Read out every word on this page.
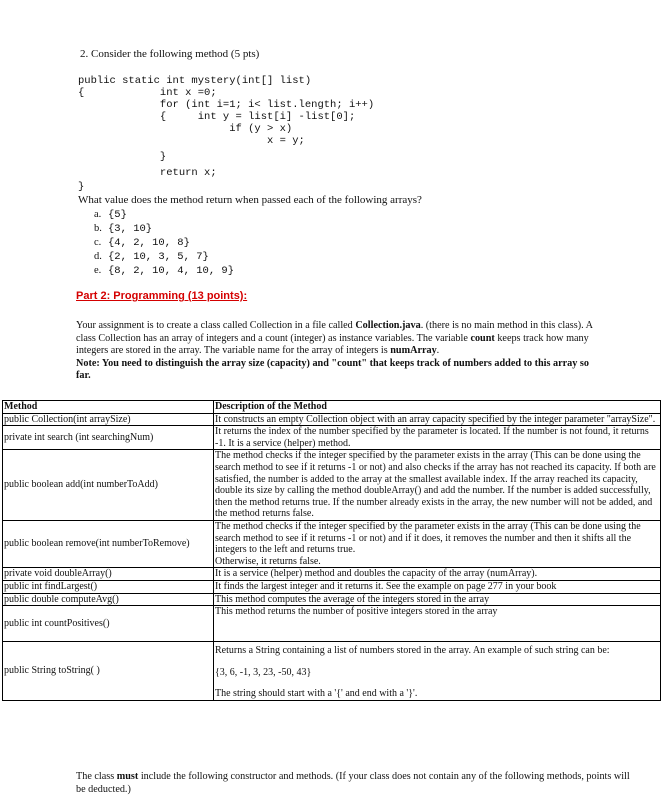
2. Consider the following method (5 pts)

public static int mystery(int[] list)

{            int x =0;

for (int i=1; i< list.length; i++)

{     int y = list[i] -list[0];

if (y > x)

x = y;

}

return x;

}

What value does the method return when passed each of the following arrays?
a. {5}
b. {3, 10}
c. {4, 2, 10, 8}
d. {2, 10, 3, 5, 7}
e. {8, 2, 10, 4, 10, 9}
Part 2: Programming (13 points):
Your assignment is to create a class called Collection in a file called Collection.java. (there is no main method in this class). A class Collection has an array of integers and a count (integer) as instance variables. The variable count keeps track how many integers are stored in the array. The variable name for the array of integers is numArray.
Note: You need to distinguish the array size (capacity) and "count" that keeps track of numbers added to this array so far.
Method	Description of the Method
public Collection(int arraySize)	It constructs an empty Collection object with an array capacity specified by the integer parameter "arraySize".
private int search (int searchingNum)	It returns the index of the number specified by the parameter is located. If the number is not found, it returns -1. It is a service (helper) method.
public boolean add(int numberToAdd)	The method checks if the integer specified by the parameter exists in the array (This can be done using the search method to see if it returns -1 or not) and also checks if the array has not reached its capacity. If both are satisfied, the number is added to the array at the smallest available index. If the array reached its capacity, double its size by calling the method doubleArray() and add the number. If the number is added successfully, then the method returns true. If the number already exists in the array, the new number will not be added, and the method returns false.
public boolean remove(int numberToRemove)	The method checks if the integer specified by the parameter exists in the array (This can be done using the search method to see if it returns -1 or not) and if it does, it removes the number and then it shifts all the integers to the left and returns true.
Otherwise, it returns false.
private void doubleArray()	It is a service (helper) method and doubles the capacity of the array (numArray).
public int findLargest()	It finds the largest integer and it returns it. See the example on page 277 in your book
public double computeAvg()	This method computes the average of the integers stored in the array
public int countPositives()	This method returns the number of positive integers stored in the array
public String toString( )	Returns a String containing a list of numbers stored in the array. An example of such string can be:
{3, 6, -1, 3, 23, -50, 43}
The string should start with a '{' and end with a '}'.
The class must include the following constructor and methods. (If your class does not contain any of the following methods, points will be deducted.)
